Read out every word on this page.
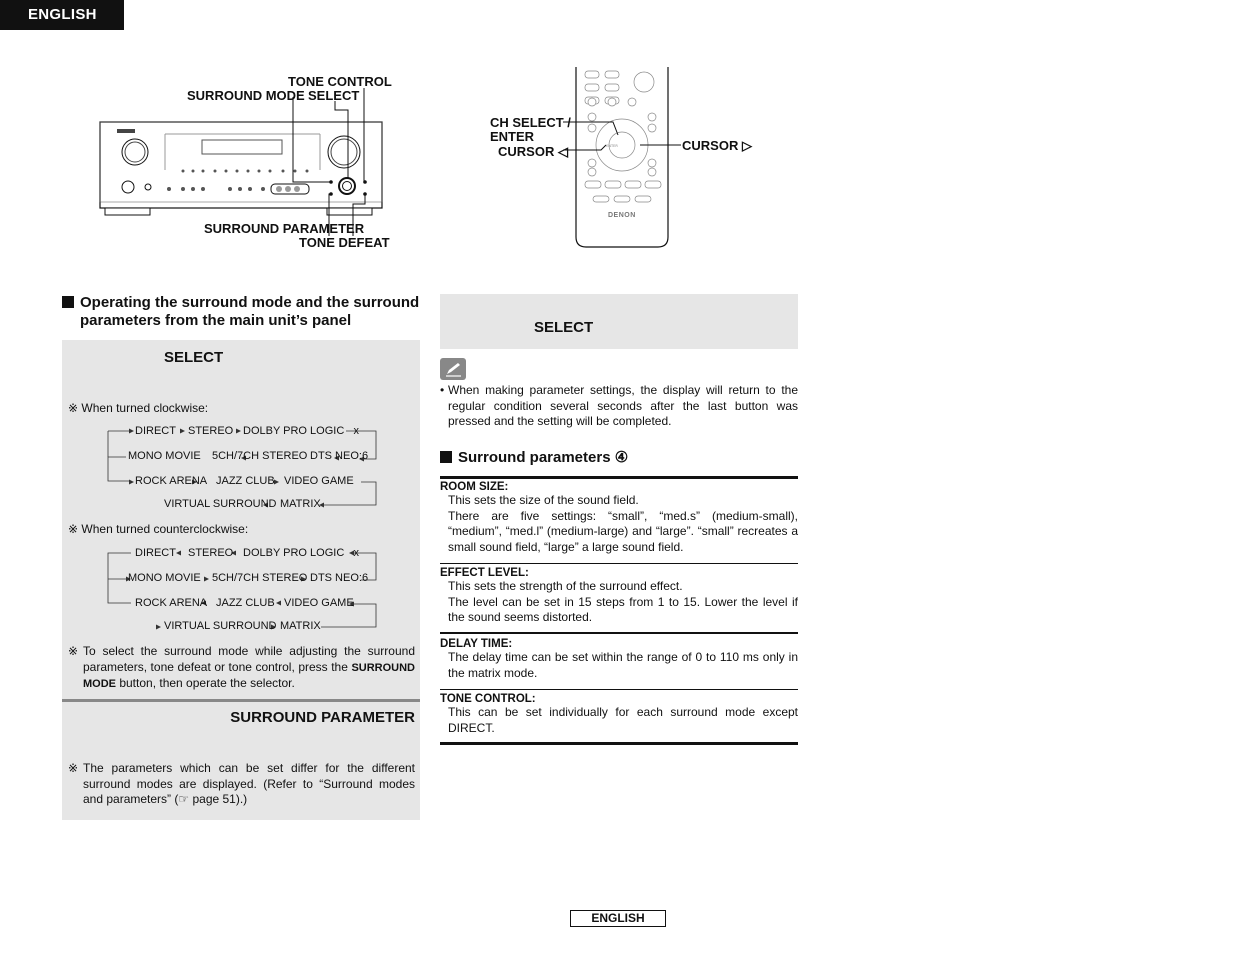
ENGLISH
TONE CONTROL
SURROUND MODE SELECT
SURROUND PARAMETER
TONE DEFEAT
ENTER
DENON
CH SELECT /
ENTER
CURSOR ◁	CURSOR ▷
Operating the surround mode and the surround
parameters from the main unit’s panel
SELECT
※ When turned clockwise:
DIRECT STEREO DOLBY PRO LOGIC   x
MONO MOVIE 5CH/7CH STEREO DTS NEO:6
ROCK ARENA JAZZ CLUB VIDEO GAME
VIRTUAL SURROUND MATRIX
※ When turned counterclockwise:
DIRECT STEREO DOLBY PRO LOGIC   x
MONO MOVIE 5CH/7CH STEREO DTS NEO:6
ROCK ARENA JAZZ CLUB VIDEO GAME
VIRTUAL SURROUND MATRIX
※ To select the surround mode while adjusting the surround parameters, tone defeat or tone control, press the SURROUND MODE button, then operate the selector.
SURROUND PARAMETER
※ The parameters which can be set differ for the different surround modes are displayed. (Refer to “Surround modes and parameters” (☞ page 51).)
SELECT
• When making parameter settings, the display will return to the regular condition several seconds after the last button was pressed and the setting will be completed.
Surround parameters ④
ROOM SIZE:
This sets the size of the sound field.
There are five settings: “small”, “med.s” (medium-small), “medium”, “med.l” (medium-large) and “large”. “small” recreates a small sound field, “large” a large sound field.
EFFECT LEVEL:
This sets the strength of the surround effect.
The level can be set in 15 steps from 1 to 15. Lower the level if the sound seems distorted.
DELAY TIME:
The delay time can be set within the range of 0 to 110 ms only in the matrix mode.
TONE CONTROL:
This can be set individually for each surround mode except DIRECT.
ENGLISH
